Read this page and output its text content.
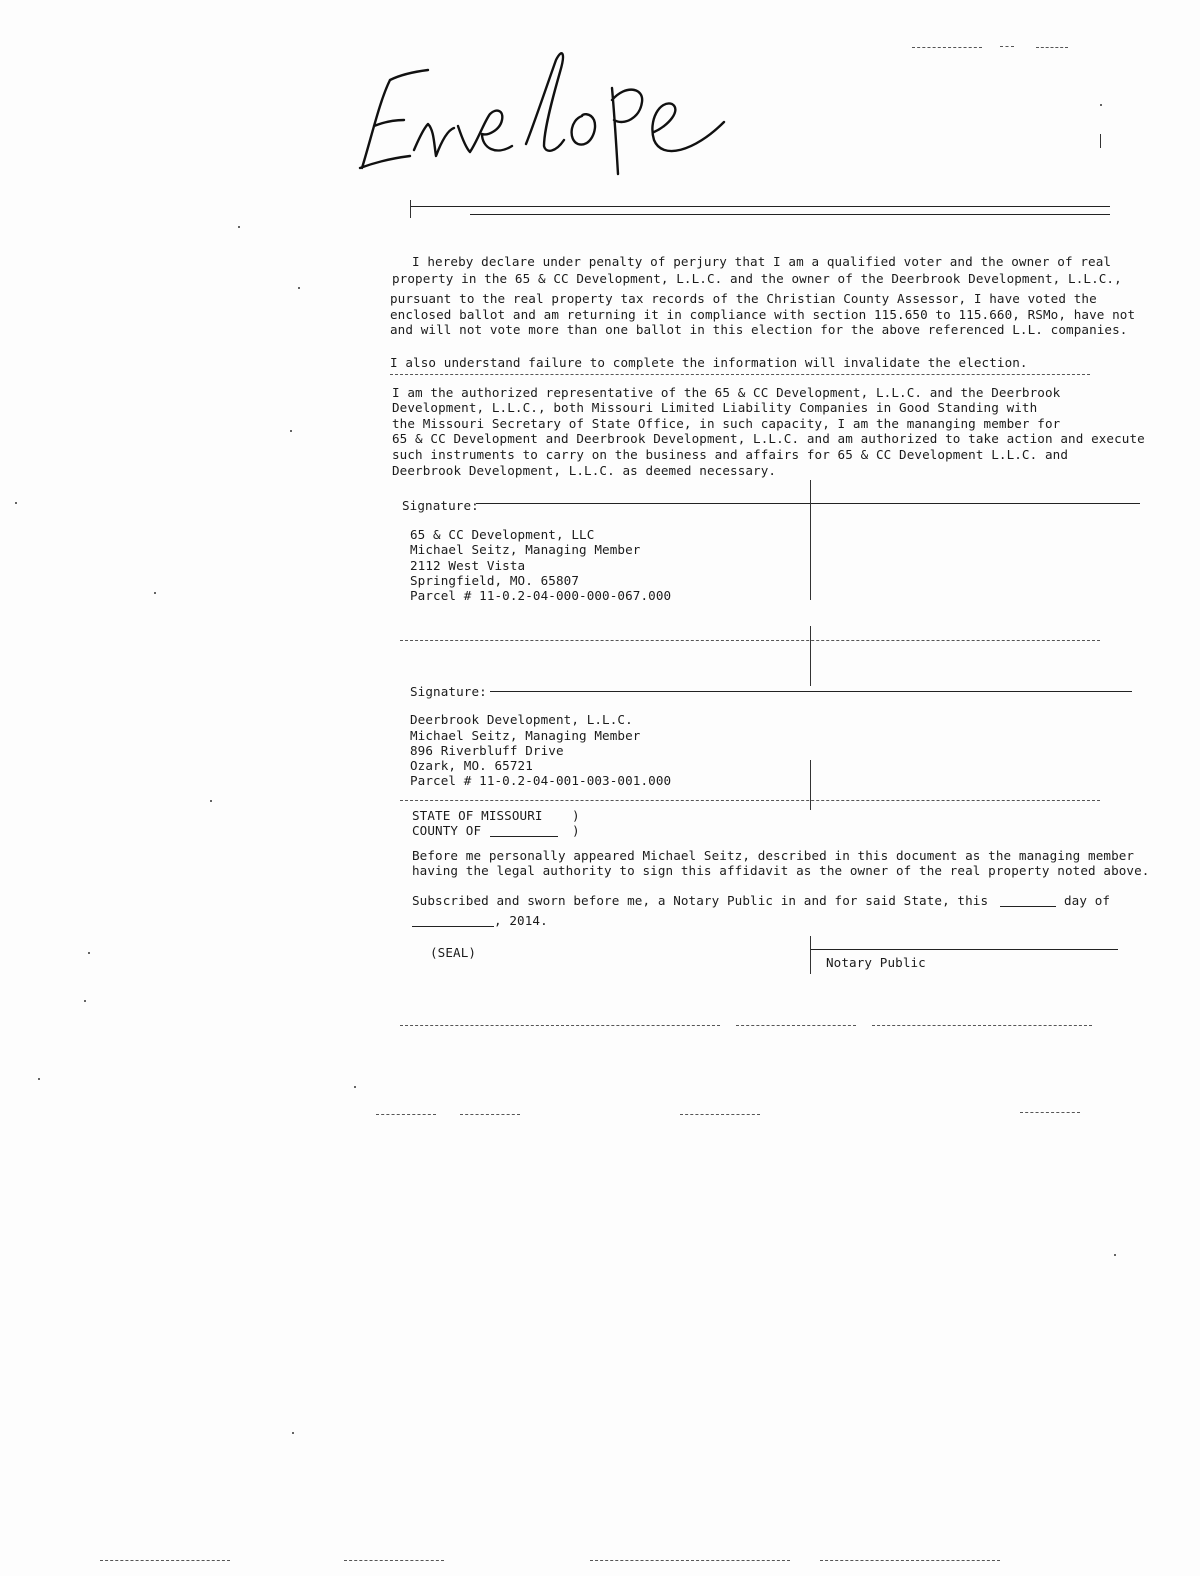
Envelope
I hereby declare under penalty of perjury that I am a qualified voter and the owner of real
property in the 65 & CC Development, L.L.C. and the owner of the Deerbrook Development, L.L.C.,
pursuant to the real property tax records of the Christian County Assessor, I have voted the
enclosed ballot and am returning it in compliance with section 115.650 to 115.660, RSMo, have not
and will not vote more than one ballot in this election for the above referenced L.L. companies.
I also understand failure to complete the information will invalidate the election.
I am the authorized representative of the 65 & CC Development, L.L.C. and the Deerbrook
Development, L.L.C., both Missouri Limited Liability Companies in Good Standing with
the Missouri Secretary of State Office, in such capacity, I am the mananging member for
65 & CC Development and Deerbrook Development, L.L.C. and am authorized to take action and execute
such instruments to carry on the business and affairs for 65 & CC Development L.L.C. and
Deerbrook Development, L.L.C. as deemed necessary.
Signature:
65 & CC Development, LLC
Michael Seitz, Managing Member
2112 West Vista
Springfield, MO. 65807
Parcel # 11-0.2-04-000-000-067.000
Signature:
Deerbrook Development, L.L.C.
Michael Seitz, Managing Member
896 Riverbluff Drive
Ozark, MO. 65721
Parcel # 11-0.2-04-001-003-001.000
STATE OF MISSOURI )
COUNTY OF	)
Before me personally appeared Michael Seitz, described in this document as the managing member
having the legal authority to sign this affidavit as the owner of the real property noted above.
Subscribed and sworn before me, a Notary Public in and for said State, this	day of
, 2014.
(SEAL)
Notary Public
